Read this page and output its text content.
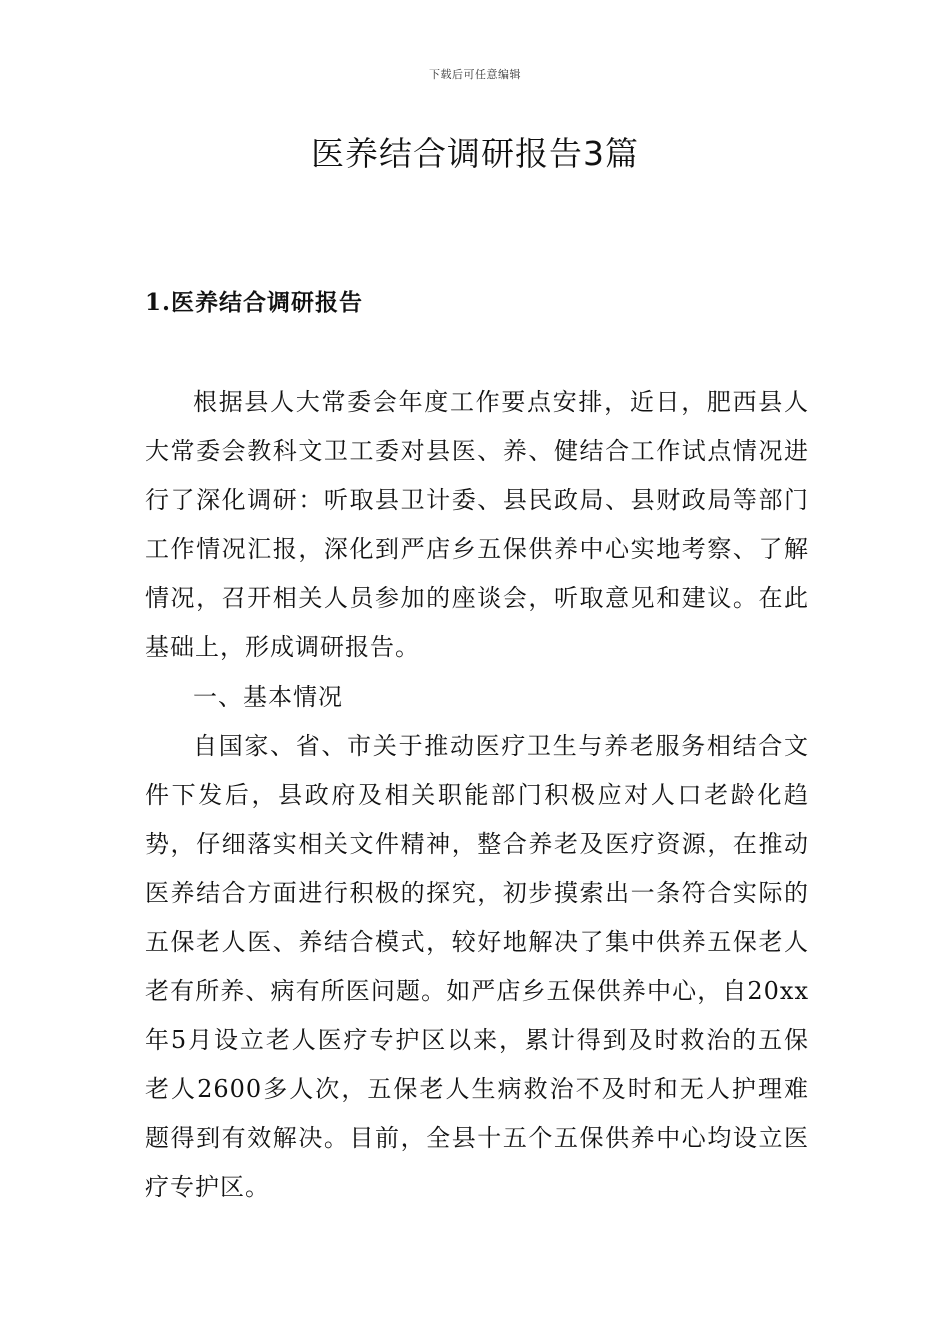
下载后可任意编辑
医养结合调研报告3篇
1.医养结合调研报告

根据县人大常委会年度工作要点安排，近日，肥西县人大常委会教科文卫工委对县医、养、健结合工作试点情况进行了深化调研：听取县卫计委、县民政局、县财政局等部门工作情况汇报，深化到严店乡五保供养中心实地考察、了解情况，召开相关人员参加的座谈会，听取意见和建议。在此基础上，形成调研报告。

一、基本情况

自国家、省、市关于推动医疗卫生与养老服务相结合文件下发后，县政府及相关职能部门积极应对人口老龄化趋势，仔细落实相关文件精神，整合养老及医疗资源，在推动医养结合方面进行积极的探究，初步摸索出一条符合实际的五保老人医、养结合模式，较好地解决了集中供养五保老人老有所养、病有所医问题。如严店乡五保供养中心，自20xx年5月设立老人医疗专护区以来，累计得到及时救治的五保老人2600多人次，五保老人生病救治不及时和无人护理难题得到有效解决。目前，全县十五个五保供养中心均设立医疗专护区。
